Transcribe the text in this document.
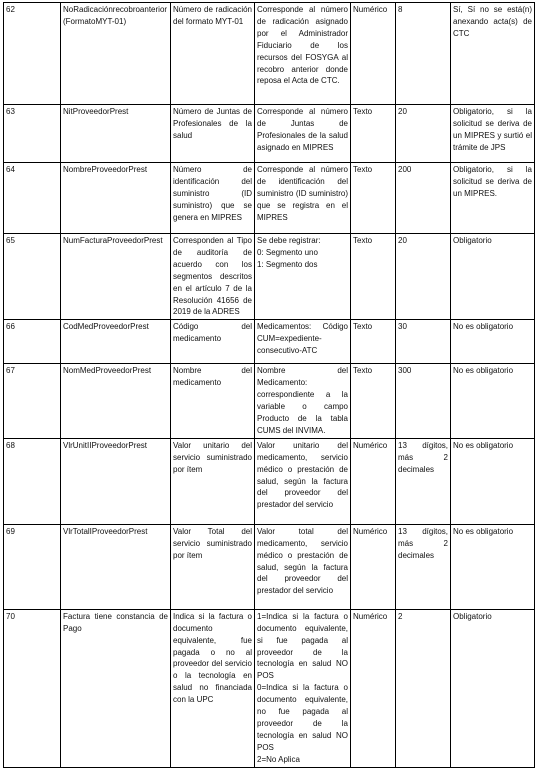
62	NoRadicaciónrecobroanterior (FormatoMYT-01)	Número de radicación del formato MYT-01	Corresponde al número de radicación asignado por el Administrador Fiduciario de los recursos del FOSYGA al recobro anterior donde reposa el Acta de CTC.	Numérico	8	Sí, Sí no se está(n) anexando acta(s) de CTC
63	NitProveedorPrest	Número de Juntas de Profesionales de la salud	Corresponde al número de Juntas de Profesionales de la salud asignado en MIPRES	Texto	20	Obligatorio, si la solicitud se deriva de un MIPRES y surtió el trámite de JPS
64	NombreProveedorPrest	Número de identificación del suministro (ID suministro) que se genera en MIPRES	Corresponde al número de identificación del suministro (ID suministro) que se registra en el MIPRES	Texto	200	Obligatorio, si la solicitud se deriva de un MIPRES.
65	NumFacturaProveedorPrest	Corresponden al Tipo de auditoría de acuerdo con los segmentos descritos en el artículo 7 de la Resolución 41656 de 2019 de la ADRES	Se debe registrar:
0: Segmento uno
1: Segmento dos	Texto	20	Obligatorio
66	CodMedProveedorPrest	Código del medicamento	Medicamentos: Código CUM=expediente-consecutivo-ATC	Texto	30	No es obligatorio
67	NomMedProveedorPrest	Nombre del medicamento	Nombre del Medicamento: correspondiente a la variable o campo Producto de la tabla CUMS del INVIMA.	Texto	300	No es obligatorio
68	VlrUnitIIProveedorPrest	Valor unitario del servicio suministrado por ítem	Valor unitario del medicamento, servicio médico o prestación de salud, según la factura del proveedor del prestador del servicio	Numérico	13 dígitos, más 2 decimales	No es obligatorio
69	VlrTotalIProveedorPrest	Valor Total del servicio suministrado por ítem	Valor total del medicamento, servicio médico o prestación de salud, según la factura del proveedor del prestador del servicio	Numérico	13 dígitos, más 2 decimales	No es obligatorio
70	Factura tiene constancia de Pago	Indica si la factura o documento equivalente, fue pagada o no al proveedor del servicio o la tecnología en salud no financiada con la UPC	1=Indica si la factura o documento equivalente, si fue pagada al proveedor de la tecnología en salud NO POS
0=Indica si la factura o documento equivalente, no fue pagada al proveedor de la tecnología en salud NO POS
2=No Aplica	Numérico	2	Obligatorio
